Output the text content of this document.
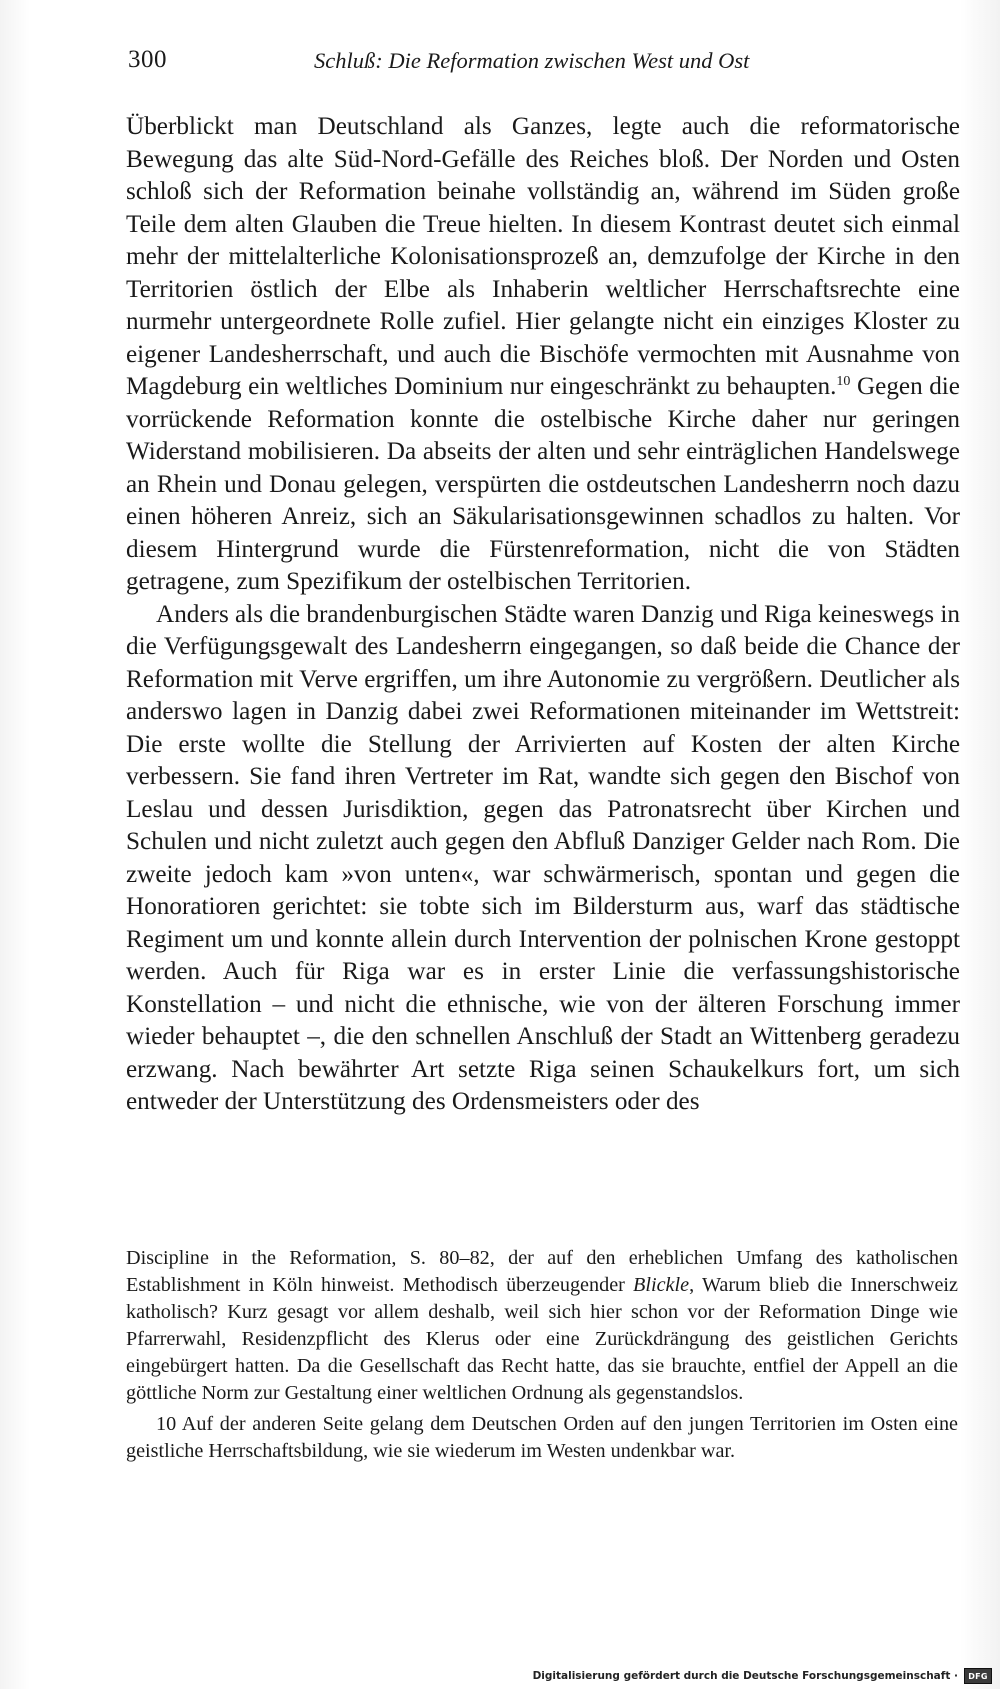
300	Schluß: Die Reformation zwischen West und Ost

Überblickt man Deutschland als Ganzes, legte auch die reformatorische Bewegung das alte Süd-Nord-Gefälle des Reiches bloß. Der Norden und Osten schloß sich der Reformation beinahe vollständig an, während im Süden große Teile dem alten Glauben die Treue hielten. In diesem Kontrast deutet sich einmal mehr der mittelalterliche Kolonisationsprozeß an, demzufolge der Kirche in den Territorien östlich der Elbe als Inhaberin weltlicher Herrschaftsrechte eine nurmehr untergeordnete Rolle zufiel. Hier gelangte nicht ein einziges Kloster zu eigener Landesherrschaft, und auch die Bischöfe vermochten mit Ausnahme von Magdeburg ein weltliches Dominium nur eingeschränkt zu behaupten.$^{10}$ Gegen die vorrückende Reformation konnte die ostelbische Kirche daher nur geringen Widerstand mobilisieren. Da abseits der alten und sehr einträglichen Handelswege an Rhein und Donau gelegen, verspürten die ostdeutschen Landesherrn noch dazu einen höheren Anreiz, sich an Säkularisationsgewinnen schadlos zu halten. Vor diesem Hintergrund wurde die Fürstenreformation, nicht die von Städten getragene, zum Spezifikum der ostelbischen Territorien.

Anders als die brandenburgischen Städte waren Danzig und Riga keineswegs in die Verfügungsgewalt des Landesherrn eingegangen, so daß beide die Chance der Reformation mit Verve ergriffen, um ihre Autonomie zu vergrößern. Deutlicher als anderswo lagen in Danzig dabei zwei Reformationen miteinander im Wettstreit: Die erste wollte die Stellung der Arrivierten auf Kosten der alten Kirche verbessern. Sie fand ihren Vertreter im Rat, wandte sich gegen den Bischof von Leslau und dessen Jurisdiktion, gegen das Patronatsrecht über Kirchen und Schulen und nicht zuletzt auch gegen den Abfluß Danziger Gelder nach Rom. Die zweite jedoch kam »von unten«, war schwärmerisch, spontan und gegen die Honoratioren gerichtet: sie tobte sich im Bildersturm aus, warf das städtische Regiment um und konnte allein durch Intervention der polnischen Krone gestoppt werden. Auch für Riga war es in erster Linie die verfassungshistorische Konstellation – und nicht die ethnische, wie von der älteren Forschung immer wieder behauptet –, die den schnellen Anschluß der Stadt an Wittenberg geradezu erzwang. Nach bewährter Art setzte Riga seinen Schaukelkurs fort, um sich entweder der Unterstützung des Ordensmeisters oder des

Discipline in the Reformation, S. 80–82, der auf den erheblichen Umfang des katholischen Establishment in Köln hinweist. Methodisch überzeugender Blickle, Warum blieb die Innerschweiz katholisch? Kurz gesagt vor allem deshalb, weil sich hier schon vor der Reformation Dinge wie Pfarrerwahl, Residenzpflicht des Klerus oder eine Zurückdrängung des geistlichen Gerichts eingebürgert hatten. Da die Gesellschaft das Recht hatte, das sie brauchte, entfiel der Appell an die göttliche Norm zur Gestaltung einer weltlichen Ordnung als gegenstandslos.

10 Auf der anderen Seite gelang dem Deutschen Orden auf den jungen Territorien im Osten eine geistliche Herrschaftsbildung, wie sie wiederum im Westen undenkbar war.

Digitalisierung gefördert durch die Deutsche Forschungsgemeinschaft ·	DFG
